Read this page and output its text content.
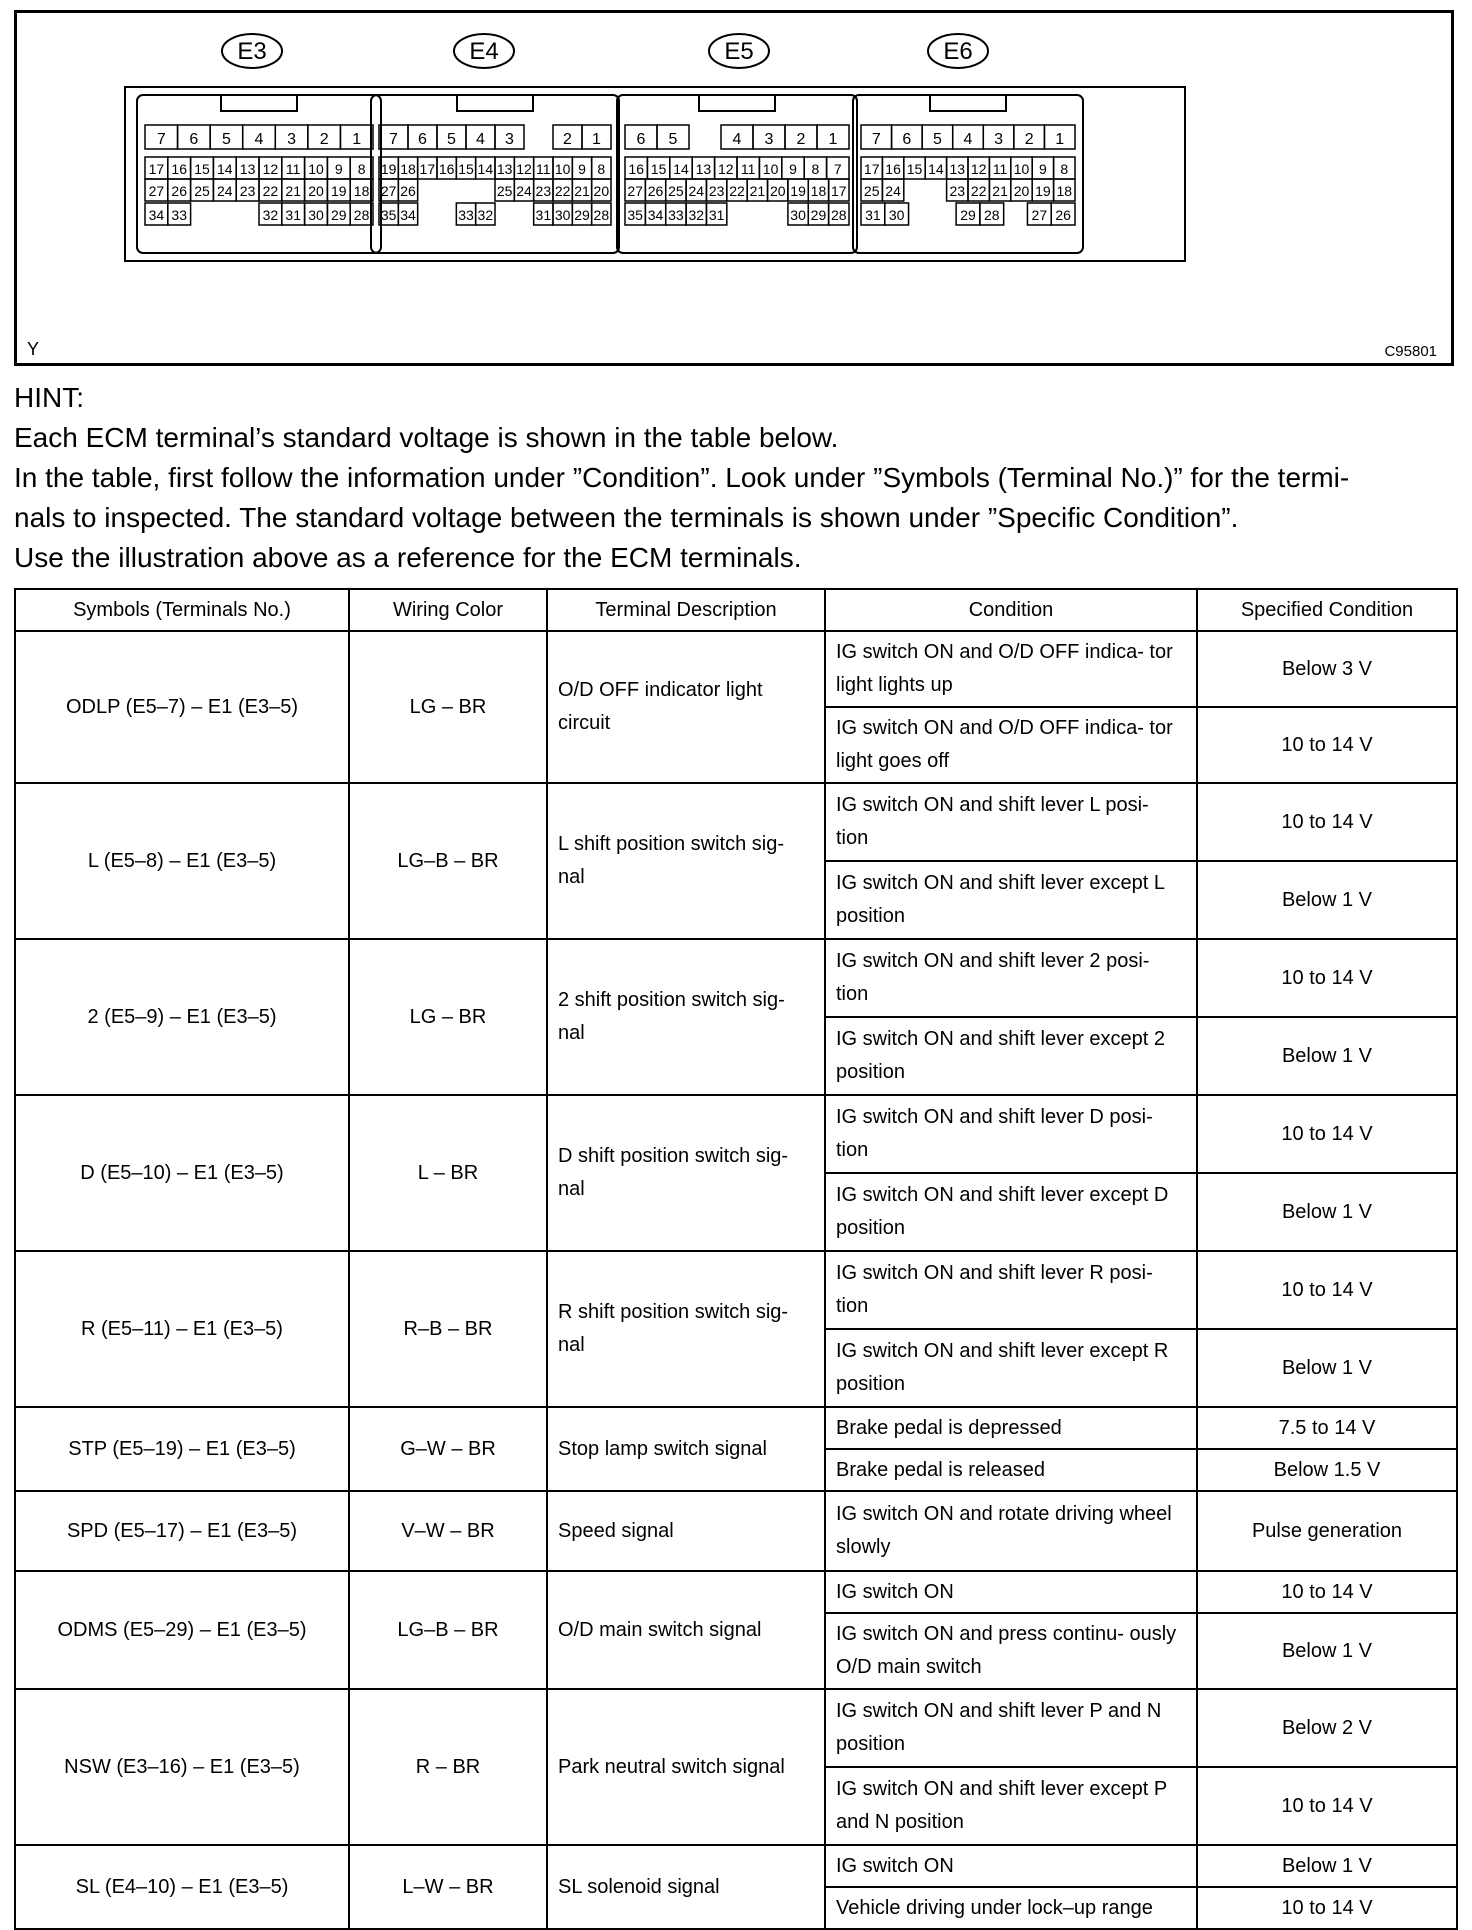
E3
7 6 5 4 3 2 1
17 16 15 14 13 12 11 10 9 8
27 26 25 24 23 22 21 20 19 18
34 33	32 31 30 29 28
E4
7 6 5 4 3	2 1
19 18 17 16 15 14 13 12 11 10 9 8
27 26	25 24 23 22 21 20
35 34	33 32	31 30 29 28
E5
6 5	4 3 2 1
16 15 14 13 12 11 10 9 8 7
27 26 25 24 23 22 21 20 19 18 17
35 34 33 32 31	30 29 28
E6
7 6 5 4 3 2 1
17 16 15 14 13 12 11 10 9 8
25 24	23 22 21 20 19 18
31 30	29 28 27 26
Y	C95801
HINT:
Each ECM terminal’s standard voltage is shown in the table below.
In the table, first follow the information under ”Condition”. Look under ”Symbols (Terminal No.)” for the termi-
nals to inspected. The standard voltage between the terminals is shown under ”Specific Condition”.
Use the illustration above as a reference for the ECM terminals.
Symbols (Terminals No.)	Wiring Color	Terminal Description	Condition	Specified Condition
ODLP (E5–7) – E1 (E3–5)	LG – BR	O/D OFF indicator light circuit	IG switch ON and O/D OFF indica- tor light lights up	Below 3 V
			IG switch ON and O/D OFF indica- tor light goes off	10 to 14 V
L (E5–8) – E1 (E3–5)	LG–B – BR	L shift position switch sig- nal	IG switch ON and shift lever L posi- tion	10 to 14 V
			IG switch ON and shift lever except L position	Below 1 V
2 (E5–9) – E1 (E3–5)	LG – BR	2 shift position switch sig- nal	IG switch ON and shift lever 2 posi- tion	10 to 14 V
			IG switch ON and shift lever except 2 position	Below 1 V
D (E5–10) – E1 (E3–5)	L – BR	D shift position switch sig- nal	IG switch ON and shift lever D posi- tion	10 to 14 V
			IG switch ON and shift lever except D position	Below 1 V
R (E5–11) – E1 (E3–5)	R–B – BR	R shift position switch sig- nal	IG switch ON and shift lever R posi- tion	10 to 14 V
			IG switch ON and shift lever except R position	Below 1 V
STP (E5–19) – E1 (E3–5)	G–W – BR	Stop lamp switch signal	Brake pedal is depressed	7.5 to 14 V
			Brake pedal is released	Below 1.5 V
SPD (E5–17) – E1 (E3–5)	V–W – BR	Speed signal	IG switch ON and rotate driving wheel slowly	Pulse generation
ODMS (E5–29) – E1 (E3–5)	LG–B – BR	O/D main switch signal	IG switch ON	10 to 14 V
			IG switch ON and press continu- ously O/D main switch	Below 1 V
NSW (E3–16) – E1 (E3–5)	R – BR	Park neutral switch signal	IG switch ON and shift lever P and N position	Below 2 V
			IG switch ON and shift lever except P and N position	10 to 14 V
SL (E4–10) – E1 (E3–5)	L–W – BR	SL solenoid signal	IG switch ON	Below 1 V
			Vehicle driving under lock–up range	10 to 14 V
